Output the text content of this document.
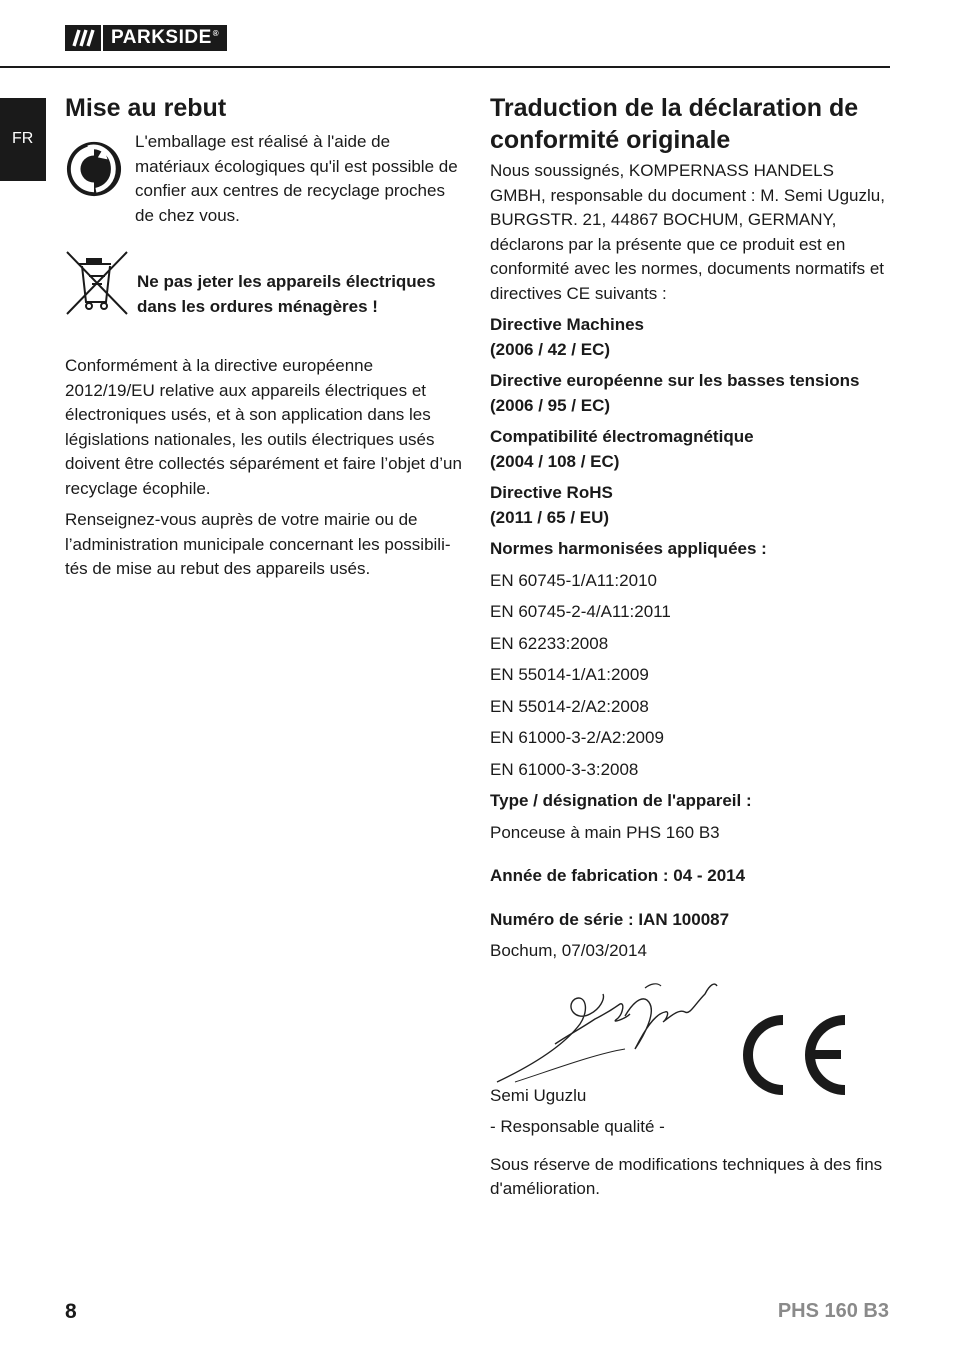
PARKSIDE ®
FR
Mise au rebut

L'emballage est réalisé à l'aide de matériaux écologiques qu'il est possible de confier aux centres de recyclage proches de chez vous.

Ne pas jeter les appareils électriques dans les ordures ménagères !

Conformément à la directive européenne 2012/19/EU relative aux appareils électriques et électroniques usés, et à son application dans les législations nationales, les outils électriques usés doivent être collectés séparément et faire l’objet d’un recyclage écophile.

Renseignez-vous auprès de votre mairie ou de l’administration municipale concernant les possibili-tés de mise au rebut des appareils usés.

Traduction de la déclaration de conformité originale

Nous soussignés, KOMPERNASS HANDELS GMBH, responsable du document : M. Semi Uguzlu, BURGSTR. 21, 44867 BOCHUM, GERMANY, déclarons par la présente que ce produit est en conformité avec les normes, documents normatifs et directives CE suivants :

Directive Machines

(2006 / 42 / EC)

Directive européenne sur les basses tensions

(2006 / 95 / EC)

Compatibilité électromagnétique

(2004 / 108 / EC)

Directive RoHS

(2011 / 65 / EU)

Normes harmonisées appliquées :

EN 60745-1/A11:2010

EN 60745-2-4/A11:2011

EN 62233:2008

EN 55014-1/A1:2009

EN 55014-2/A2:2008

EN 61000-3-2/A2:2009

EN 61000-3-3:2008

Type / désignation de l'appareil :

Ponceuse à main PHS 160 B3

Année de fabrication : 04 - 2014

Numéro de série : IAN 100087

Bochum, 07/03/2014

Semi Uguzlu

- Responsable qualité -

Sous réserve de modifications techniques à des fins d'amélioration.

8	PHS 160 B3
